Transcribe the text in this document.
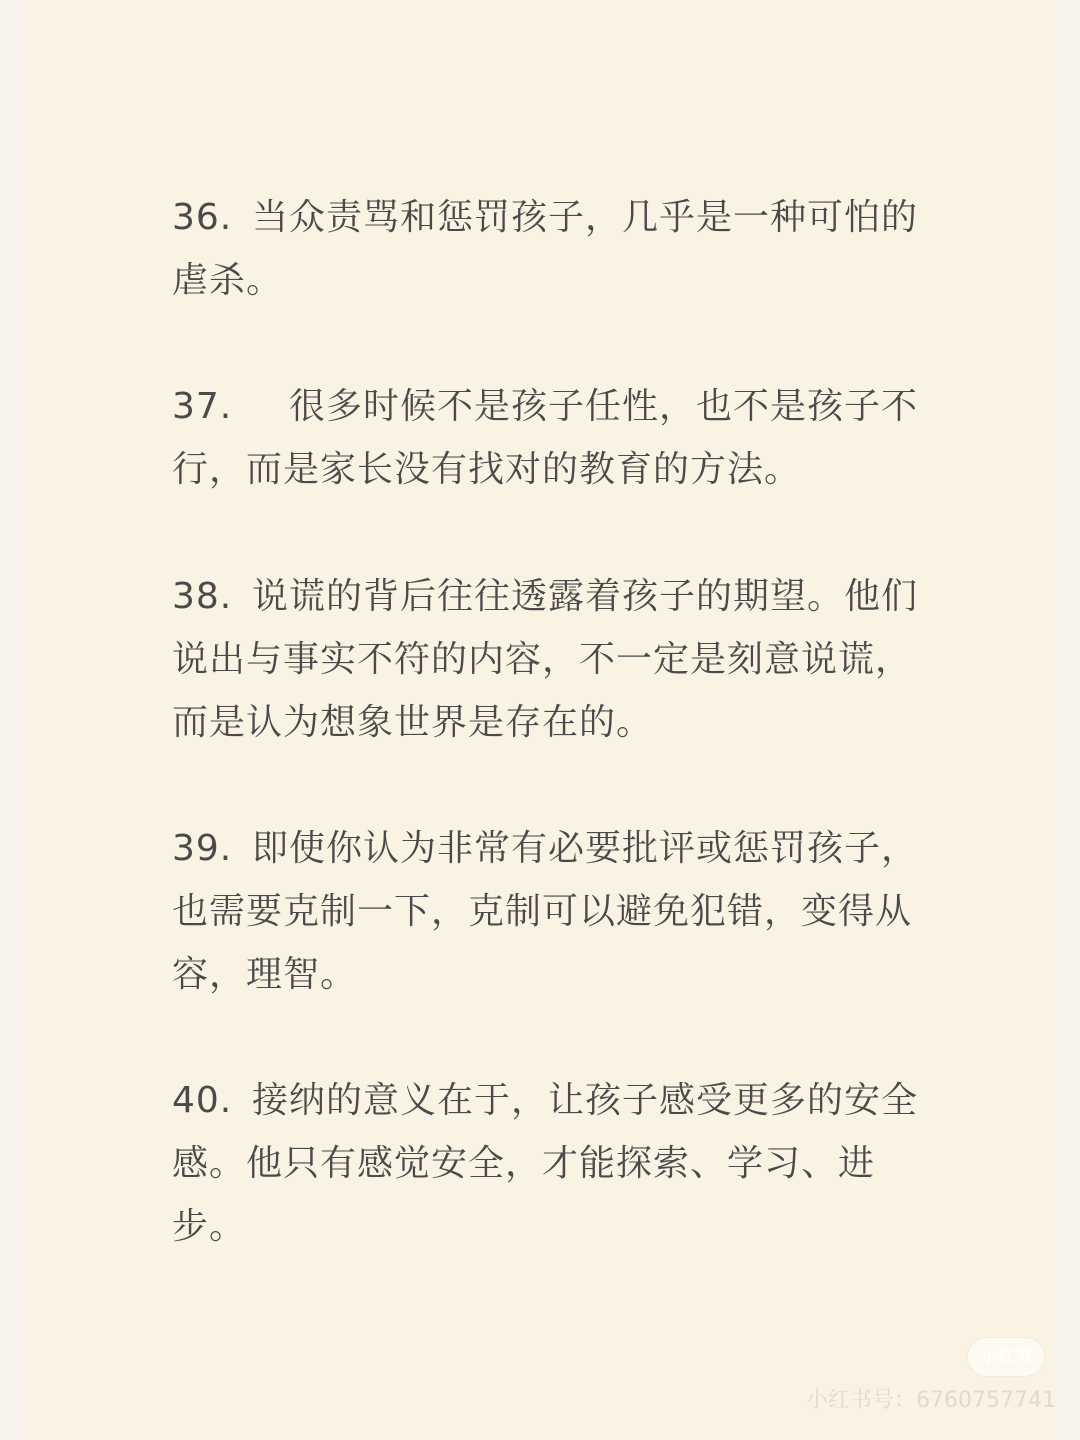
36. 当众责骂和惩罚孩子，几乎是一种可怕的虐杀。

37. 很多时候不是孩子任性，也不是孩子不行，而是家长没有找对的教育的方法。

38. 说谎的背后往往透露着孩子的期望。他们说出与事实不符的内容，不一定是刻意说谎，而是认为想象世界是存在的。

39. 即使你认为非常有必要批评或惩罚孩子，也需要克制一下，克制可以避免犯错，变得从容，理智。

40. 接纳的意义在于，让孩子感受更多的安全感。他只有感觉安全，才能探索、学习、进步。

小红书
小红书号：6760757741
